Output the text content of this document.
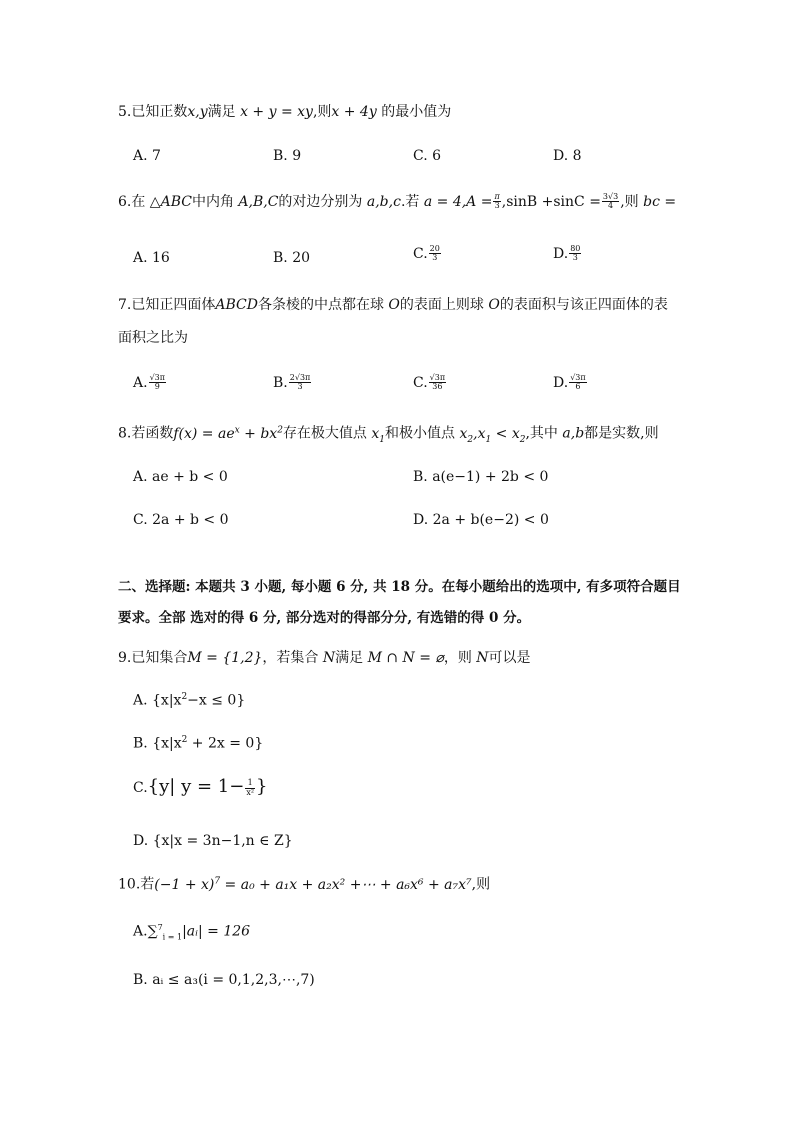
5.已知正数x,y满足 x + y = xy,则x + 4y 的最小值为
A. 7	B. 9	C. 6	D. 8
6.在 △ABC中内角 A,B,C的对边分别为 a,b,c.若 $a = 4,A = \frac{\pi}{3} ,\sin B +\sin C = \frac{3√3}{4}$ ,则 bc =
A. 16	B. 20	C. $\frac{20}{3}$	D. $\frac{80}{3}$
7.已知正四面体ABCD各条棱的中点都在球 O的表面上则球 O的表面积与该正四面体的表
面积之比为
A. $\frac{√3\pi}{9}$	B. $\frac{2√3\pi}{3}$	C. $\frac{√3\pi}{36}$	D. $\frac{√3\pi}{6}$
8.若函数$f(x) = ae^x + bx^2$存在极大值点 $x_1$和极小值点 $x_2,x_1 < x_2$,其中 a,b都是实数,则
A. ae + b < 0	B. a(e−1) + 2b < 0
C. 2a + b < 0	D. 2a + b(e−2) < 0
二、选择题: 本题共 3 小题, 每小题 6 分, 共 18 分。在每小题给出的选项中, 有多项符合题目
要求。全部 选对的得 6 分, 部分选对的得部分分, 有选错的得 0 分。
9.已知集合M = {1,2}，若集合 N满足 M ∩ N = ⌀，则 N可以是
A. $\{x|x^2-x \le 0\}$
B. $\{x|x^2 + 2x = 0\}$
C.{y| $y = 1- \frac{1}{\text{x²}}$ }
D. {x|x = 3n−1,n ∈ Z}
10.若$(-1 + x)^7 = a_0 + a_1x + a_2x^2$ +⋯ + a₆x⁶ + a₇x⁷,则
A.∑$^7_{i = 1}$|aᵢ| = 126
B. aᵢ ≤ a₃(i = 0,1,2,3,⋯,7)
